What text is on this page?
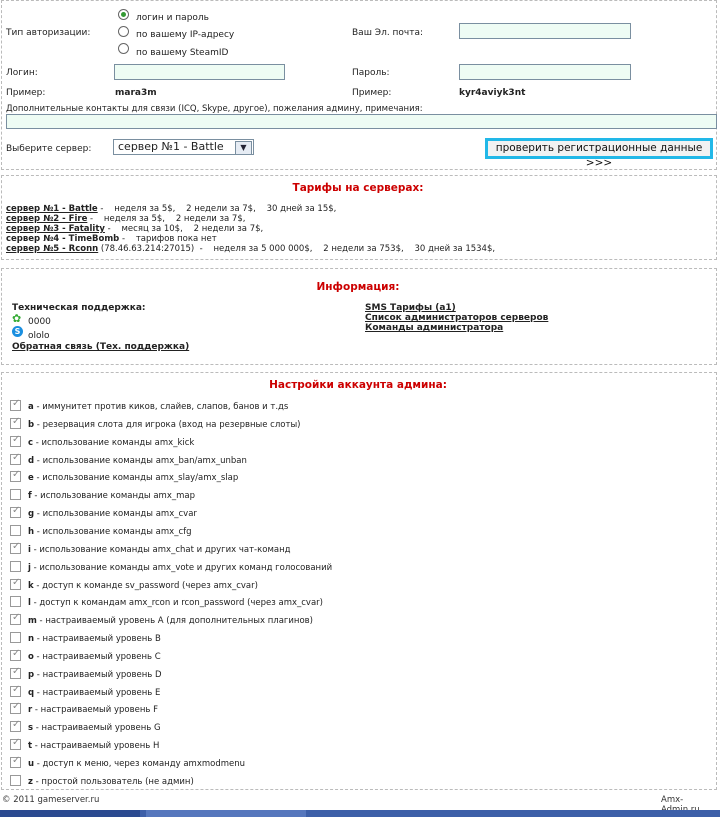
Тип авторизации:
логин и пароль
по вашему IP-адресу
по вашему SteamID
Ваш Эл. почта:
Логин:	Пароль:
Пример:	mara3m	Пример:	kyr4aviyk3nt
Дополнительные контакты для связи (ICQ, Skype, другое), пожелания админу, примечания:
Выберите сервер:	сервер №1 - Battle	▼	проверить регистрационные данные >>>
Тарифы на серверах:
сервер №1 - Battle -    неделя за 5$,    2 недели за 7$,    30 дней за 15$,
сервер №2 - Fire -    неделя за 5$,    2 недели за 7$,
сервер №3 - Fatality -    месяц за 10$,    2 недели за 7$,
сервер №4 - TimeBomb -    тарифов пока нет
сервер №5 - Rconn (78.46.63.214:27015)  -    неделя за 5 000 000$,    2 недели за 753$,    30 дней за 1534$,
Информация:
Техническая поддержка:
✿ 0000
S ololo
Обратная связь (Тех. поддержка)
SMS Тарифы (a1)
Список администраторов серверов
Команды администратора
Настройки аккаунта админа:
✓
a - иммунитет против киков, слайев, слапов, банов и т.дs
✓
b - резервация слота для игрока (вход на резервные слоты)
✓
c - использование команды amx_kick
✓
d - использование команды amx_ban/amx_unban
✓
e - использование команды amx_slay/amx_slap
f - использование команды amx_map
✓
g - использование команды amx_cvar
h - использование команды amx_cfg
✓
i - использование команды amx_chat и других чат-команд
j - использование команды amx_vote и других команд голосований
✓
k - доступ к команде sv_password (через amx_cvar)
l - доступ к командам amx_rcon и rcon_password (через amx_cvar)
✓
m - настраиваемый уровень A (для дополнительных плагинов)
n - настраиваемый уровень B
✓
o - настраиваемый уровень C
✓
p - настраиваемый уровень D
✓
q - настраиваемый уровень E
✓
r - настраиваемый уровень F
✓
s - настраиваемый уровень G
✓
t - настраиваемый уровень H
✓
u - доступ к меню, через команду amxmodmenu
z - простой пользователь (не админ)
© 2011 gameserver.ru	Amx-
